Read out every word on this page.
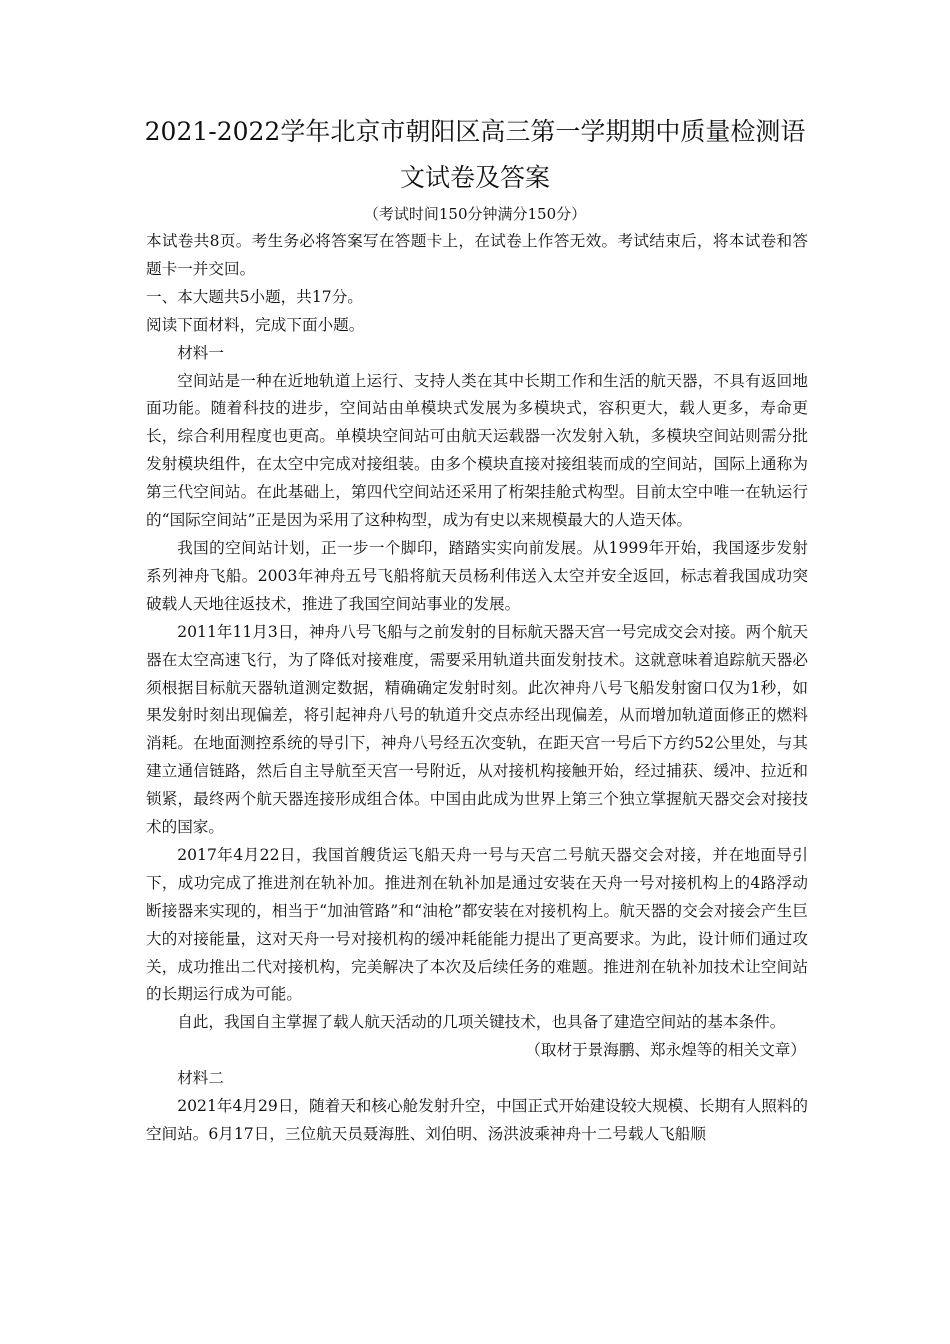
2021-2022学年北京市朝阳区高三第一学期期中质量检测语
文试卷及答案
（考试时间150分钟满分150分）

本试卷共8页。考生务必将答案写在答题卡上，在试卷上作答无效。考试结束后，将本试卷和答题卡一并交回。

一、本大题共5小题，共17分。

阅读下面材料，完成下面小题。

材料一

空间站是一种在近地轨道上运行、支持人类在其中长期工作和生活的航天器，不具有返回地面功能。随着科技的进步，空间站由单模块式发展为多模块式，容积更大，载人更多，寿命更长，综合利用程度也更高。单模块空间站可由航天运载器一次发射入轨，多模块空间站则需分批发射模块组件，在太空中完成对接组装。由多个模块直接对接组装而成的空间站，国际上通称为第三代空间站。在此基础上，第四代空间站还采用了桁架挂舱式构型。目前太空中唯一在轨运行的“国际空间站”正是因为采用了这种构型，成为有史以来规模最大的人造天体。

我国的空间站计划，正一步一个脚印，踏踏实实向前发展。从1999年开始，我国逐步发射系列神舟飞船。2003年神舟五号飞船将航天员杨利伟送入太空并安全返回，标志着我国成功突破载人天地往返技术，推进了我国空间站事业的发展。

2011年11月3日，神舟八号飞船与之前发射的目标航天器天宫一号完成交会对接。两个航天器在太空高速飞行，为了降低对接难度，需要采用轨道共面发射技术。这就意味着追踪航天器必须根据目标航天器轨道测定数据，精确确定发射时刻。此次神舟八号飞船发射窗口仅为1秒，如果发射时刻出现偏差，将引起神舟八号的轨道升交点赤经出现偏差，从而增加轨道面修正的燃料消耗。在地面测控系统的导引下，神舟八号经五次变轨，在距天宫一号后下方约52公里处，与其建立通信链路，然后自主导航至天宫一号附近，从对接机构接触开始，经过捕获、缓冲、拉近和锁紧，最终两个航天器连接形成组合体。中国由此成为世界上第三个独立掌握航天器交会对接技术的国家。

2017年4月22日，我国首艘货运飞船天舟一号与天宫二号航天器交会对接，并在地面导引下，成功完成了推进剂在轨补加。推进剂在轨补加是通过安装在天舟一号对接机构上的4路浮动断接器来实现的，相当于“加油管路”和“油枪”都安装在对接机构上。航天器的交会对接会产生巨大的对接能量，这对天舟一号对接机构的缓冲耗能能力提出了更高要求。为此，设计师们通过攻关，成功推出二代对接机构，完美解决了本次及后续任务的难题。推进剂在轨补加技术让空间站的长期运行成为可能。

自此，我国自主掌握了载人航天活动的几项关键技术，也具备了建造空间站的基本条件。

（取材于景海鹏、郑永煌等的相关文章）

材料二

2021年4月29日，随着天和核心舱发射升空，中国正式开始建设较大规模、长期有人照料的空间站。6月17日，三位航天员聂海胜、刘伯明、汤洪波乘神舟十二号载人飞船顺
